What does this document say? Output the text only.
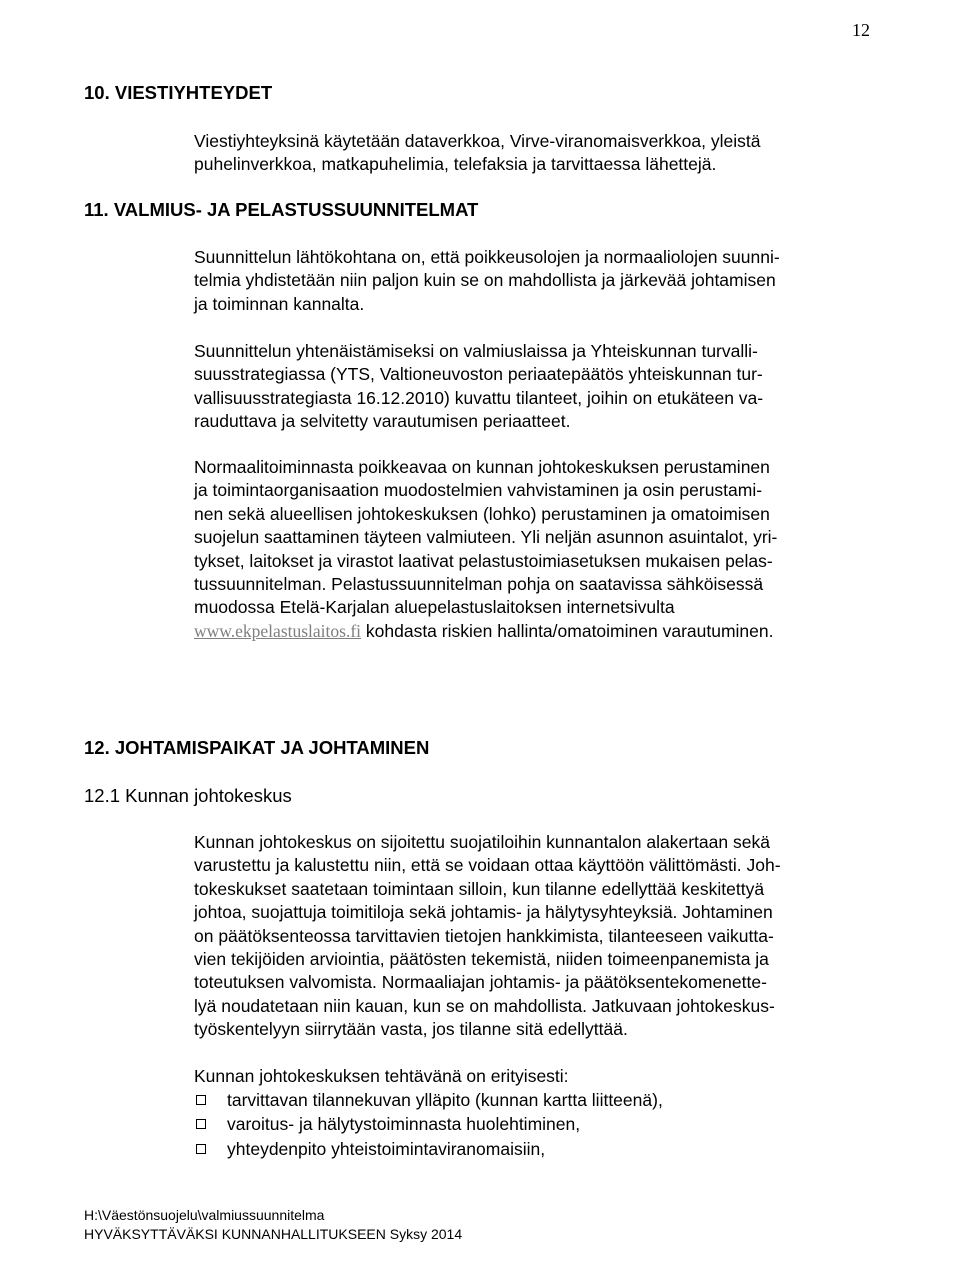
12
10. VIESTIYHTEYDET
Viestiyhteyksinä käytetään dataverkkoa, Virve-viranomaisverkkoa, yleistä
puhelinverkkoa, matkapuhelimia, telefaksia ja tarvittaessa lähettejä.
11. VALMIUS- JA PELASTUSSUUNNITELMAT
Suunnittelun lähtökohtana on, että poikkeusolojen ja normaaliolojen suunni-
telmia yhdistetään niin paljon kuin se on mahdollista ja järkevää johtamisen
ja toiminnan kannalta.
Suunnittelun yhtenäistämiseksi on valmiuslaissa ja Yhteiskunnan turvalli-
suusstrategiassa (YTS, Valtioneuvoston periaatepäätös yhteiskunnan tur-
vallisuusstrategiasta 16.12.2010) kuvattu tilanteet, joihin on etukäteen va-
rauduttava ja selvitetty varautumisen periaatteet.
Normaalitoiminnasta poikkeavaa on kunnan johtokeskuksen perustaminen
ja toimintaorganisaation muodostelmien vahvistaminen ja osin perustami-
nen sekä alueellisen johtokeskuksen (lohko) perustaminen ja omatoimisen
suojelun saattaminen täyteen valmiuteen. Yli neljän asunnon asuintalot, yri-
tykset, laitokset ja virastot laativat pelastustoimiasetuksen mukaisen pelas-
tussuunnitelman. Pelastussuunnitelman pohja on saatavissa sähköisessä
muodossa Etelä-Karjalan aluepelastuslaitoksen internetsivulta
www.ekpelastuslaitos.fi kohdasta riskien hallinta/omatoiminen varautuminen.
12. JOHTAMISPAIKAT JA JOHTAMINEN
12.1 Kunnan johtokeskus
Kunnan johtokeskus on sijoitettu suojatiloihin kunnantalon alakertaan sekä
varustettu ja kalustettu niin, että se voidaan ottaa käyttöön välittömästi. Joh-
tokeskukset saatetaan toimintaan silloin, kun tilanne edellyttää keskitettyä
johtoa, suojattuja toimitiloja sekä johtamis- ja hälytysyhteyksiä. Johtaminen
on päätöksenteossa tarvittavien tietojen hankkimista, tilanteeseen vaikutta-
vien tekijöiden arviointia, päätösten tekemistä, niiden toimeenpanemista ja
toteutuksen valvomista. Normaaliajan johtamis- ja päätöksentekomenette-
lyä noudatetaan niin kauan, kun se on mahdollista. Jatkuvaan johtokeskus-
työskentelyyn siirrytään vasta, jos tilanne sitä edellyttää.
Kunnan johtokeskuksen tehtävänä on erityisesti:
tarvittavan tilannekuvan ylläpito (kunnan kartta liitteenä),
varoitus- ja hälytystoiminnasta huolehtiminen,
yhteydenpito yhteistoimintaviranomaisiin,
H:\Väestönsuojelu\valmiussuunnitelma
HYVÄKSYTTÄVÄKSI KUNNANHALLITUKSEEN Syksy 2014
